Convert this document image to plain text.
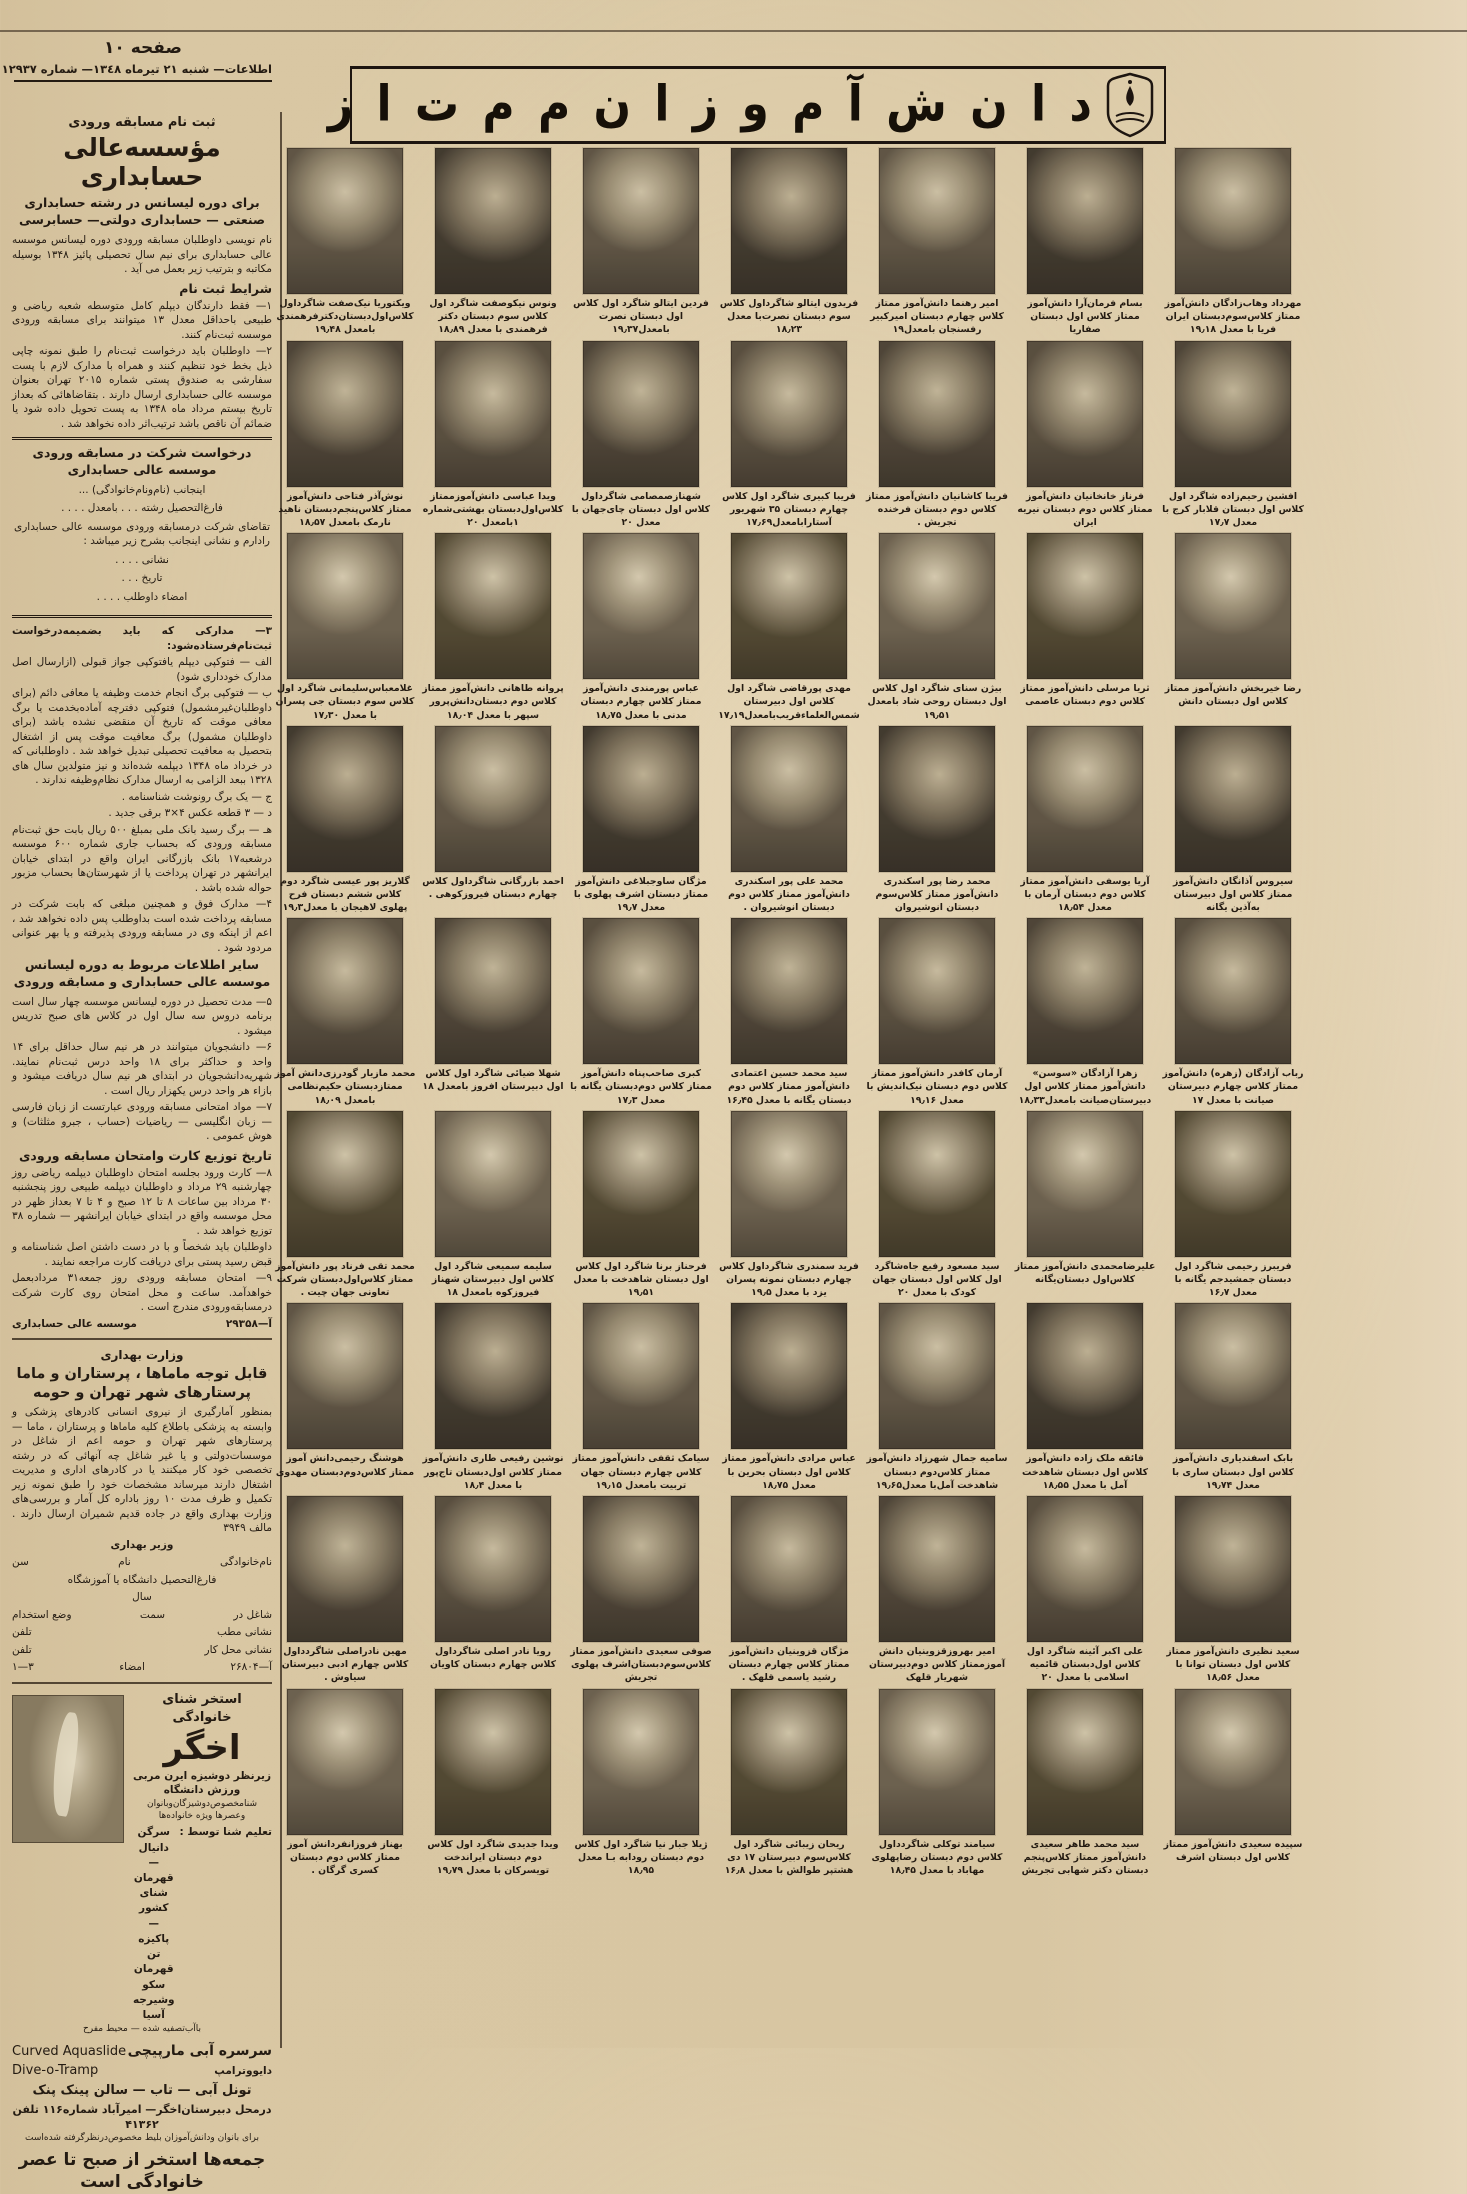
صفحه ۱۰
اطلاعات— شنبه ۲۱ تیرماه ۱۳٤۸— شماره ۱۲۹۳۷
د ا ن ش آ م و ز ا ن م م ت ا ز
ثبت نام مسابقه ورودی
مؤسسه‌عالی حسابداری
برای دوره لیسانس در رشته حسابداری صنعتی — حسابداری دولتی— حسابرسی

نام نویسی داوطلبان مسابقه ورودی دوره لیسانس موسسه عالی حسابداری برای نیم سال تحصیلی پائیز ۱۳۴۸ بوسیله مکاتبه و بترتیب زیر بعمل می آید .

شرایط ثبت نام

۱— فقط دارندگان دیپلم کامل متوسطه شعبه ریاضی و طبیعی باحداقل معدل ۱۳ میتوانند برای مسابقه ورودی موسسه ثبت‌نام کنند.

۲— داوطلبان باید درخواست ثبت‌نام را طبق نمونه چاپی ذیل بخط خود تنظیم کنند و همراه با مدارک لازم با پست سفارشی به صندوق پستی شماره ۲۰۱۵ تهران بعنوان موسسه عالی حسابداری ارسال دارند . بتقاضاهائی که بعداز تاریخ بیستم مرداد ماه ۱۳۴۸ به پست تحویل داده شود یا ضمائم آن ناقص باشد ترتیب‌اثر داده نخواهد شد .

درخواست شرکت در مسابقه ورودی موسسه عالی حسابداری
اینجانب (نام‌ونام‌خانوادگی) ...
فارغ‌التحصیل رشته . . . بامعدل . . . .
تقاضای شرکت درمسابقه ورودی موسسه عالی حسابداری رادارم و نشانی اینجانب بشرح زیر میباشد :
نشانی . . . .
تاریخ . . .
امضاء داوطلب . . . .

۳— مدارکی که باید بضمیمه‌درخواست ثبت‌نام‌فرستاده‌شود:

الف — فتوکپی دیپلم یافتوکپی جواز قبولی (ازارسال اصل مدارک خودداری شود)

ب — فتوکپی برگ انجام خدمت وظیفه یا معافی دائم (برای داوطلبان‌غیرمشمول) فتوکپی دفترچه آماده‌بخدمت یا برگ معافی موقت که تاریخ آن منقضی نشده باشد (برای داوطلبان مشمول) برگ معافیت موقت پس از اشتغال بتحصیل به معافیت تحصیلی تبدیل خواهد شد . داوطلبانی که در خرداد ماه ۱۳۴۸ دیپلمه شده‌اند و نیز متولدین سال های ۱۳۲۸ ببعد الزامی به ارسال مدارک نظام‌وظیفه ندارند .

ج — یک برگ رونوشت شناسنامه .

د — ۳ قطعه عکس ۴×۳ برقی جدید .

هـ — برگ رسید بانک ملی بمبلغ ۵۰۰ ریال بابت حق ثبت‌نام مسابقه ورودی که بحساب جاری شماره ۶۰۰ موسسه درشعبه۱۷ بانک بازرگانی ایران واقع در ابتدای خیابان ایرانشهر در تهران پرداخت یا از شهرستان‌ها بحساب مزبور حواله شده باشد .

۴— مدارک فوق و همچنین مبلغی که بابت شرکت در مسابقه پرداخت شده است بداوطلب پس داده نخواهد شد ، اعم از اینکه وی در مسابقه ورودی پذیرفته و یا بهر عنوانی مردود شود .

سایر اطلاعات مربوط به دوره لیسانس موسسه عالی حسابداری و مسابقه ورودی

۵— مدت تحصیل در دوره لیسانس موسسه چهار سال است برنامه دروس سه سال اول در کلاس های صبح تدریس میشود .

۶— دانشجویان میتوانند در هر نیم سال حداقل برای ۱۴ واحد و حداکثر برای ۱۸ واحد درس ثبت‌نام نمایند. شهریه‌دانشجویان در ابتدای هر نیم سال دریافت میشود و بازاء هر واحد درس یکهزار ریال است .

۷— مواد امتحانی مسابقه ورودی عبارتست از زبان فارسی — زبان انگلیسی — ریاضیات (حساب ، جبرو مثلثات) و هوش عمومی .

تاریخ توزیع کارت وامتحان مسابقه ورودی

۸— کارت ورود بجلسه امتحان داوطلبان دیپلمه ریاضی روز چهارشنبه ۲۹ مرداد و داوطلبان دیپلمه طبیعی روز پنجشنبه ۳۰ مرداد بین ساعات ۸ تا ۱۲ صبح و ۴ تا ۷ بعداز ظهر در محل موسسه واقع در ابتدای خیابان ایرانشهر — شماره ۳۸ توزیع خواهد شد .

داوطلبان باید شخصاً و با در دست داشتن اصل شناسنامه و قبض رسید پستی برای دریافت کارت مراجعه نمایند .

۹— امتحان مسابقه ورودی روز جمعه۳۱ مردادبعمل خواهدآمد. ساعت و محل امتحان روی کارت شرکت درمسابقه‌ورودی مندرج است .

آ—۲۹۳۵۸
موسسه عالی حسابداری
وزارت بهداری
قابل توجه ماماها ، پرستاران و ماما پرستارهای شهر تهران و حومه

بمنظور آمارگیری از نیروی انسانی کادرهای پزشکی و وابسته به پزشکی باطلاع کلیه ماماها و پرستاران ، ماما — پرستارهای شهر تهران و حومه اعم از شاغل در موسسات‌دولتی و یا غیر شاغل چه آنهائی که در رشته تخصصی خود کار میکنند یا در کادرهای اداری و مدیریت اشتغال دارند میرساند مشخصات خود را طبق نمونه زیر تکمیل و ظرف مدت ۱۰ روز باداره کل آمار و بررسی‌های وزارت بهداری واقع در جاده قدیم شمیران ارسال دارند . مالف ۳۹۴۹

وزیر بهداری
نام‌خانوادگی
نام
سن
فارغ‌التحصیل دانشگاه یا آموزشگاه
سال
شاغل در
سمت
وضع استخدام
نشانی مطب
تلفن
نشانی محل کار
تلفن
آ—۲۶۸۰۴
امضاء
۳—۱
استخر شنای خانوادگی
اخگر
زیرنظر دوشیزه ایرن مربی ورزش دانشگاه
شنامخصوص‌دوشیزگان‌وبانوان وعصرها ویژه خانواده‌ها
تعلیم شنا توسط :
سرگن دانیال — قهرمان شنای کشور — پاکیزه تن قهرمان سکو وشیرجه آسیا
باآب‌تصفیه شده — محیط مفرح
سرسره آبی مارپیچی
Curved Aquaslide
دایووترامپ
Dive-o-Tramp
تونل آبی — تاب — سالن پینک پنک
درمحل دبیرستان‌اخگر— امیرآباد شماره۱۱۶ تلفن ۴۱۳۶۲
برای بانوان ودانش‌آموزان بلیط مخصوص‌درنظرگرفته شده‌است
جمعه‌ها استخر از صبح تا عصر خانوادگی است
مهرداد وهاب‌زادگان دانش‌آموز ممتاز کلاس‌سوم‌دبستان ایران فریا با معدل ۱۹٫۱۸
بسام فرمان‌آرا دانش‌آموز ممتاز کلاس اول دبستان صفاریا
امیر رهنما دانش‌آموز ممتاز کلاس چهارم دبستان امیرکبیر رفسنجان بامعدل۱۹
فریدون ایتالو شاگرداول کلاس سوم دبستان نصرت‌با معدل ۱۸٫۲۳
فردین ایتالو شاگرد اول کلاس اول دبستان نصرت بامعدل۱۹٫۳۷
ونوس نیکوصفت شاگرد اول کلاس سوم دبستان دکتر فرهمندی با معدل ۱۸٫۸۹
ویکتوریا نیک‌صفت شاگرداول کلاس‌اول‌دبستان‌دکترفرهمندی بامعدل ۱۹٫۴۸
افشین رحیم‌زاده شاگرد اول کلاس اول دبستان قلابار کرج با معدل ۱۷٫۷
فرناز خانخانیان دانش‌آموز ممتاز کلاس دوم دبستان نیریه ایران
فریبا کاشانیان دانش‌آموز ممتاز کلاس دوم دبستان فرخنده تجریش .
فریبا کبیری شاگرد اول کلاس چهارم دبستان ۳۵ شهریور آستارابامعدل۱۷٫۶۹
شهنازصمصامی شاگرداول کلاس اول دبستان چای‌جهان با معدل ۲۰
ویدا عباسی دانش‌آموزممتاز کلاس‌اول‌دبستان بهشتی‌شماره ۱بامعدل ۲۰
نوش‌آذر فتاحی دانش‌آموز ممتاز کلاس‌پنجم‌دبستان ناهید نارمک بامعدل ۱۸٫۵۷
رضا خیربخش دانش‌آموز ممتاز کلاس اول دبستان دانش
ثریا مرسلی دانش‌آموز ممتاز کلاس دوم دبستان عاصمی
بیژن سنای شاگرد اول کلاس اول دبستان روحی شاد بامعدل ۱۹٫۵۱
مهدی پورقاضی شاگرد اول کلاس اول دبیرستان شمس‌العلماءقریب‌بامعدل۱۷٫۱۹
عباس پورمندی دانش‌آموز ممتاز کلاس چهارم دبستان مدنی با معدل ۱۸٫۷۵
پروانه طاهانی دانش‌آموز ممتاز کلاس دوم دبستان‌دانش‌پرور سپهر با معدل ۱۸٫۰۴
غلامعباس‌سلیمانی شاگرد اول کلاس سوم دبستان جی پسران با معدل ۱۷٫۳۰
سیروس آذانگان دانش‌آموز ممتاز کلاس اول دبیرستان به‌آذین یگانه
آریا یوسفی دانش‌آموز ممتاز کلاس دوم دبستان آرمان با معدل ۱۸٫۵۴
محمد رضا پور اسکندری دانش‌آموز ممتاز کلاس‌سوم دبستان انوشیروان
محمد علی پور اسکندری دانش‌آموز ممتاز کلاس دوم دبستان انوشیروان .
مژگان ساوجبلاغی دانش‌آموز ممتاز دبستان اشرف پهلوی با معدل ۱۹٫۷
احمد بازرگانی شاگرداول کلاس چهارم دبستان فیروزکوهی .
گلاریز پور عیسی شاگرد دوم کلاس ششم دبستان فرح پهلوی لاهیجان با معدل۱۹٫۳
رباب آزادگان (زهره) دانش‌آموز ممتاز کلاس چهارم دبیرستان صیانت با معدل ۱۷
زهرا آزادگان «سوسن» دانش‌آموز ممتاز کلاس اول دبیرستان‌صیانت بامعدل۱۸٫۳۳
آرمان کافدر دانش‌آموز ممتاز کلاس دوم دبستان نیک‌اندیش با معدل ۱۹٫۱۶
سید محمد حسین اعتمادی دانش‌آموز ممتاز کلاس دوم دبستان یگانه با معدل ۱۶٫۴۵
کبری صاحب‌پناه دانش‌آموز ممتاز کلاس دوم‌دبستان یگانه با معدل ۱۷٫۳
شهلا ضیائی شاگرد اول کلاس اول دبیرستان افروز بامعدل ۱۸
محمد مازیار گودرزی‌دانش آموز ممتازدبستان حکیم‌نظامی بامعدل ۱۸٫۰۹
فریبرز رحیمی شاگرد اول دبستان جمشیدجم یگانه با معدل ۱۶٫۷
علیرضامحمدی دانش‌آموز ممتاز کلاس‌اول دبستان‌یگانه
سید مسعود رفیع جاه‌شاگرد اول کلاس اول دبستان جهان کودک با معدل ۲۰
فرید سمندری شاگرداول کلاس چهارم دبستان نمونه پسران یزد با معدل ۱۹٫۵
فرحناز برنا شاگرد اول کلاس اول دبستان شاهدخت با معدل ۱۹٫۵۱
سلیمه سمیعی شاگرد اول کلاس اول دبیرستان شهناز فیروزکوه بامعدل ۱۸
محمد تقی فرناد پور دانش‌آموز ممتاز کلاس‌اول‌دبستان شرکت تعاونی جهان چیت .
بابک اسفندیاری دانش‌آموز کلاس اول دبستان ساری با معدل ۱۹٫۷۴
فائقه ملک زاده دانش‌آموز کلاس اول دبستان شاهدخت آمل با معدل ۱۸٫۵۵
سامیه جمال شهرزاد دانش‌آموز ممتاز کلاس‌دوم دبستان شاهدخت آمل‌با معدل۱۹٫۶۵
عباس مرادی دانش‌آموز ممتاز کلاس اول دبستان بحرین با معدل ۱۸٫۷۵
سیامک ثقفی دانش‌آموز ممتاز کلاس چهارم دبستان جهان تربیت بامعدل ۱۹٫۱۵
نوشین رفیعی طاری دانش‌آموز ممتاز کلاس اول‌دبستان تاج‌پور با معدل ۱۸٫۴
هوشنگ رحیمی‌دانش آموز ممتاز کلاس‌دوم‌دبستان مهدوی
سعید نظیری دانش‌آموز ممتاز کلاس اول دبستان توانا با معدل ۱۸٫۵۶
علی اکبر آئینه شاگرد اول کلاس اول‌دبستان قائمیه اسلامی با معدل ۲۰
امیر بهروزقزوینیان دانش آموزممتاز کلاس دوم‌دبیرستان شهریار قلهک
مژگان قزوینیان دانش‌آموز ممتاز کلاس چهارم دبستان رشید یاسمی قلهک .
صوفی سعیدی دانش‌آموز ممتاز کلاس‌سوم‌دبستان‌اشرف پهلوی تجریش
رویا نادر اصلی شاگرداول کلاس چهارم دبستان کاویان
مهین نادراصلی شاگردداول کلاس چهارم ادبی دبیرستان سیاوش .
سپیده سعیدی دانش‌آموز ممتاز کلاس اول دبستان اشرف
سید محمد طاهر سعیدی دانش‌آموز ممتاز کلاس‌پنجم دبستان دکتر شهابی تجریش
سیامند توکلی شاگردداول کلاس دوم دبستان رضاپهلوی مهاباد با معدل ۱۸٫۴۵
ریحان زیبائی شاگرد اول کلاس‌سوم دبیرستان ۱۷ دی هشتپر طوالش با معدل ۱۶٫۸
ژیلا جبار نیا شاگرد اول کلاس دوم دبستان رودابه بـا معدل ۱۸٫۹۵
ویدا جدیدی شاگرد اول کلاس دوم دبستان ایراندخت تویسرکان با معدل ۱۹٫۷۹
بهناز فروزانفردانش آموز ممتاز کلاس دوم دبستان کسری گرگان .
